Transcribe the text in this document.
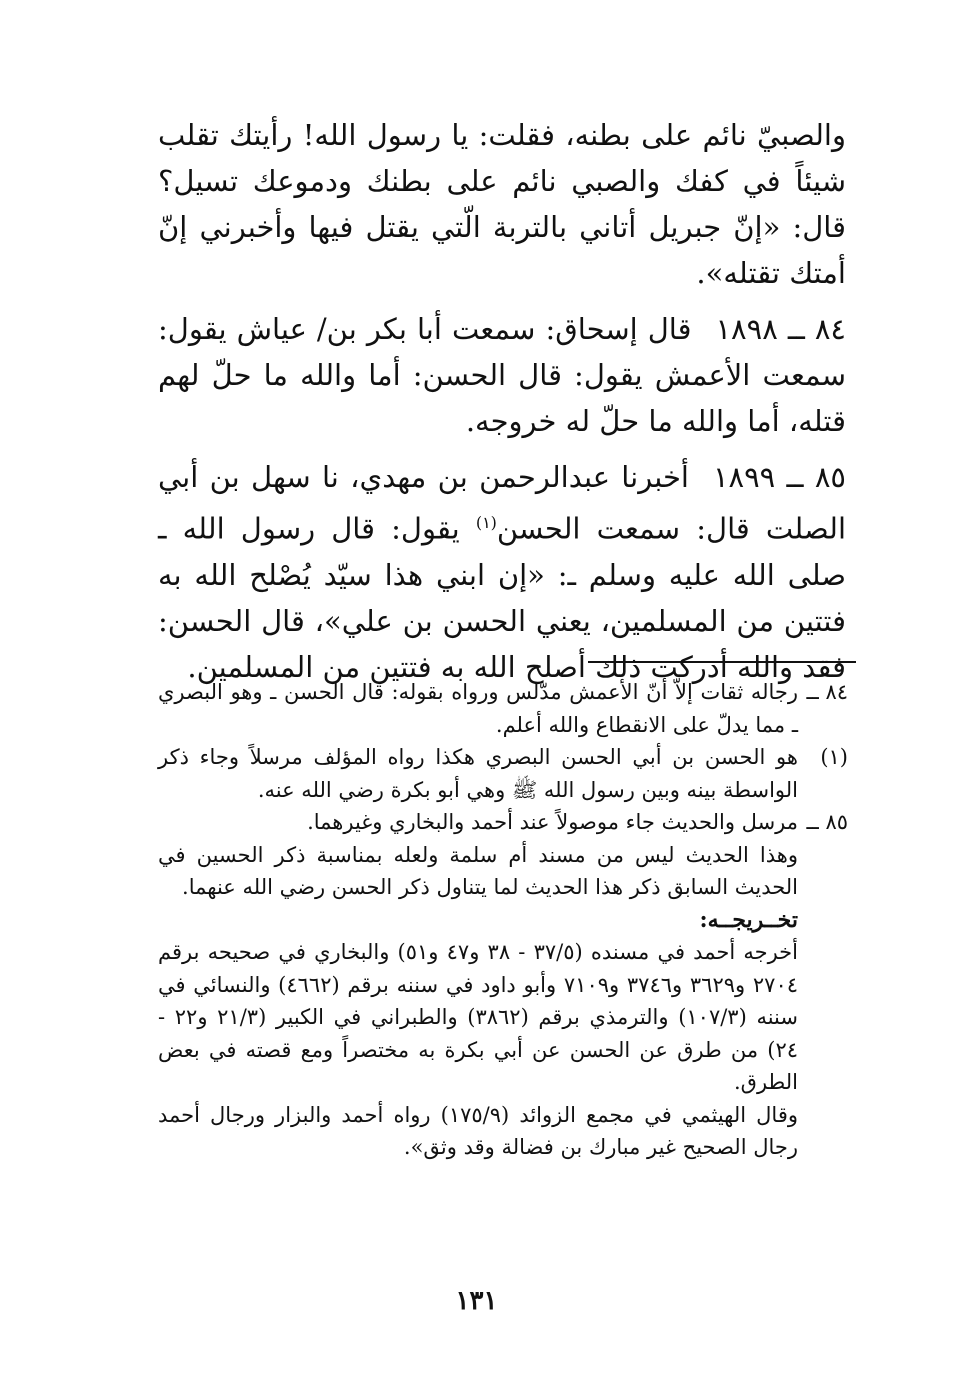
والصبيّ نائم على بطنه، فقلت: يا رسول الله! رأيتك تقلب شيئاً في كفك والصبي نائم على بطنك ودموعك تسيل؟ قال: «إنّ جبريل أتاني بالتربة الّتي يقتل فيها وأخبرني إنّ أمتك تقتله».

٨٤ ــ ١٨٩٨قال إسحاق: سمعت أبا بكر بن/ عياش يقول: سمعت الأعمش يقول: قال الحسن: أما والله ما حلّ لهم قتله، أما والله ما حلّ له خروجه.

٨٥ ــ ١٨٩٩أخبرنا عبدالرحمن بن مهدي، نا سهل بن أبي الصلت قال: سمعت الحسن$^{(١)}$ يقول: قال رسول الله ـ صلى الله عليه وسلم ـ: «إن ابني هذا سيّد يُصْلح الله به فتتين من المسلمين، يعني الحسن بن علي»، قال الحسن: فقد والله أدركت ذلك أصلح الله به فتتين من المسلمين.

٨٤ ــ

رجاله ثقات إلاّ أنّ الأعمش مدّلس ورواه بقوله: قال الحسن ـ وهو البصري ـ مما يدلّ على الانقطاع والله أعلم.

(١)

هو الحسن بن أبي الحسن البصري هكذا رواه المؤلف مرسلاً وجاء ذكر الواسطة بينه وبين رسول الله ﷺ وهي أبو بكرة رضي الله عنه.

٨٥ ــ

مرسل والحديث جاء موصولاً عند أحمد والبخاري وغيرهما.

وهذا الحديث ليس من مسند أم سلمة ولعله بمناسبة ذكر الحسين في الحديث السابق ذكر هذا الحديث لما يتناول ذكر الحسن رضي الله عنهما.

تخــريجــه:

أخرجه أحمد في مسنده (٣٧/٥ - ٣٨ و٤٧ و٥١) والبخاري في صحيحه برقم ٢٧٠٤ و٣٦٢٩ و٣٧٤٦ و٧١٠٩ وأبو داود في سننه برقم (٤٦٦٢) والنسائي في سننه (١٠٧/٣) والترمذي برقم (٣٨٦٢) والطبراني في الكبير (٢١/٣ و٢٢ - ٢٤) من طرق عن الحسن عن أبي بكرة به مختصراً ومع قصته في بعض الطرق.

وقال الهيثمي في مجمع الزوائد (١٧٥/٩) رواه أحمد والبزار ورجال أحمد رجال الصحيح غير مبارك بن فضالة وقد وثق».

١٣١
